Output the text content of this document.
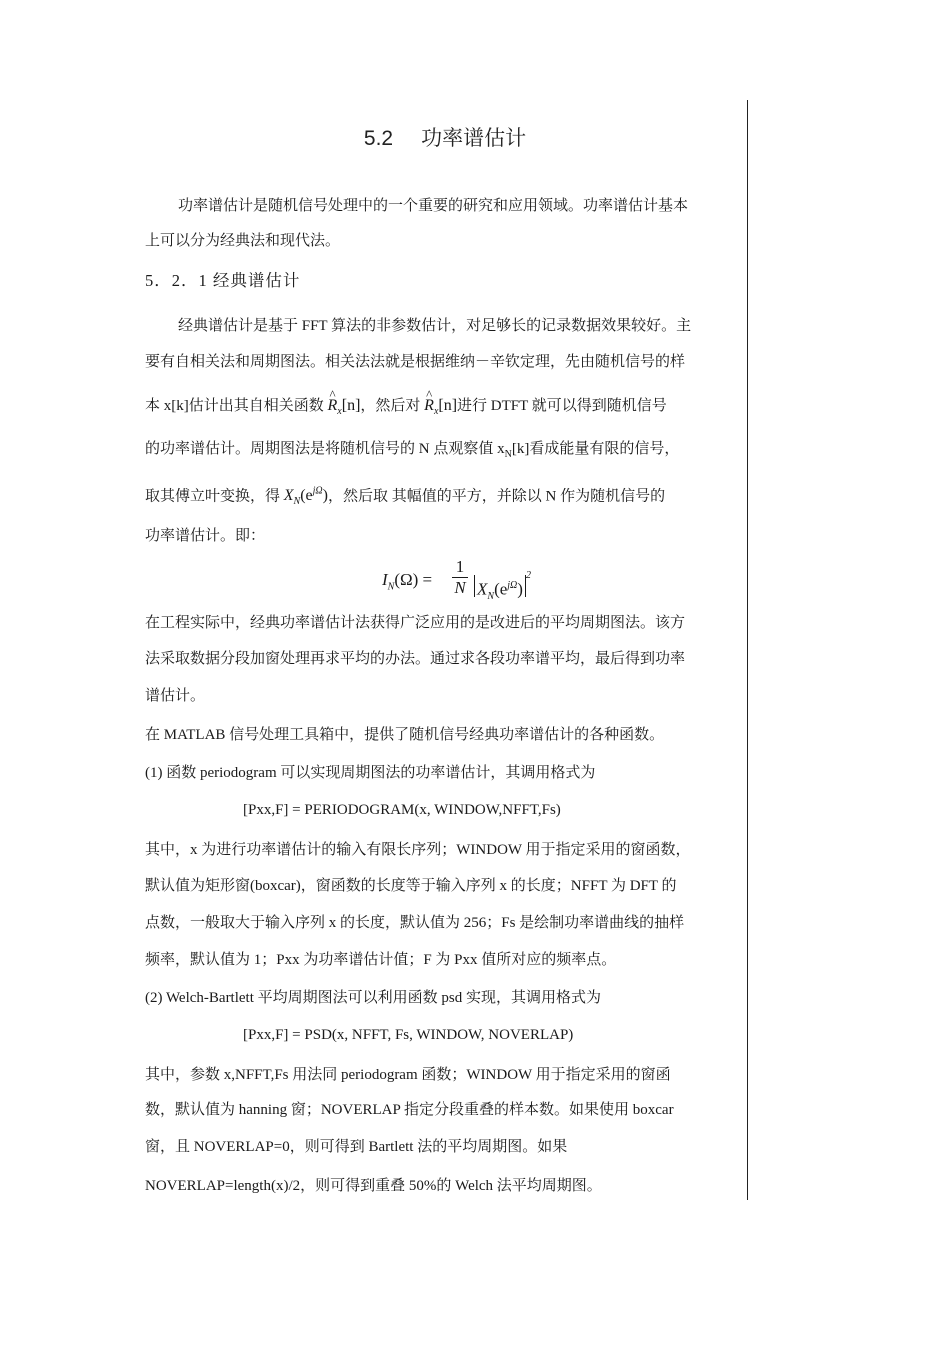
5.2 功率谱估计
功率谱估计是随机信号处理中的一个重要的研究和应用领域。功率谱估计基本
上可以分为经典法和现代法。
5．2．1 经典谱估计
经典谱估计是基于 FFT 算法的非参数估计，对足够长的记录数据效果较好。主
要有自相关法和周期图法。相关法法就是根据维纳－辛钦定理，先由随机信号的样
本 x[k]估计出其自相关函数 ^ $R_x[n]$，然后对 ^ $R_x[n]$进行 DTFT 就可以得到随机信号
的功率谱估计。周期图法是将随机信号的 N 点观察值 $x_N[k]$看成能量有限的信号，
取其傅立叶变换，得 $X_N(e^{j\Omega})$，然后取 其幅值的平方，并除以 N 作为随机信号的
功率谱估计。即：
$I_N(\Omega)$ =
1
N $X_N(e^{j\Omega})^2$
在工程实际中，经典功率谱估计法获得广泛应用的是改进后的平均周期图法。该方
法采取数据分段加窗处理再求平均的办法。通过求各段功率谱平均，最后得到功率
谱估计。
在 MATLAB 信号处理工具箱中，提供了随机信号经典功率谱估计的各种函数。
(1) 函数 periodogram 可以实现周期图法的功率谱估计，其调用格式为
[Pxx,F] = PERIODOGRAM(x, WINDOW,NFFT,Fs)
其中，x 为进行功率谱估计的输入有限长序列；WINDOW 用于指定采用的窗函数，
默认值为矩形窗(boxcar)，窗函数的长度等于输入序列 x 的长度；NFFT 为 DFT 的
点数，一般取大于输入序列 x 的长度，默认值为 256；Fs 是绘制功率谱曲线的抽样
频率，默认值为 1；Pxx 为功率谱估计值；F 为 Pxx 值所对应的频率点。
(2) Welch-Bartlett 平均周期图法可以利用函数 psd 实现，其调用格式为
[Pxx,F] = PSD(x, NFFT, Fs, WINDOW, NOVERLAP)
其中，参数 x,NFFT,Fs 用法同 periodogram 函数；WINDOW 用于指定采用的窗函
数，默认值为 hanning 窗；NOVERLAP 指定分段重叠的样本数。如果使用 boxcar
窗，且 NOVERLAP=0，则可得到 Bartlett 法的平均周期图。如果
NOVERLAP=length(x)/2，则可得到重叠 50%的 Welch 法平均周期图。
